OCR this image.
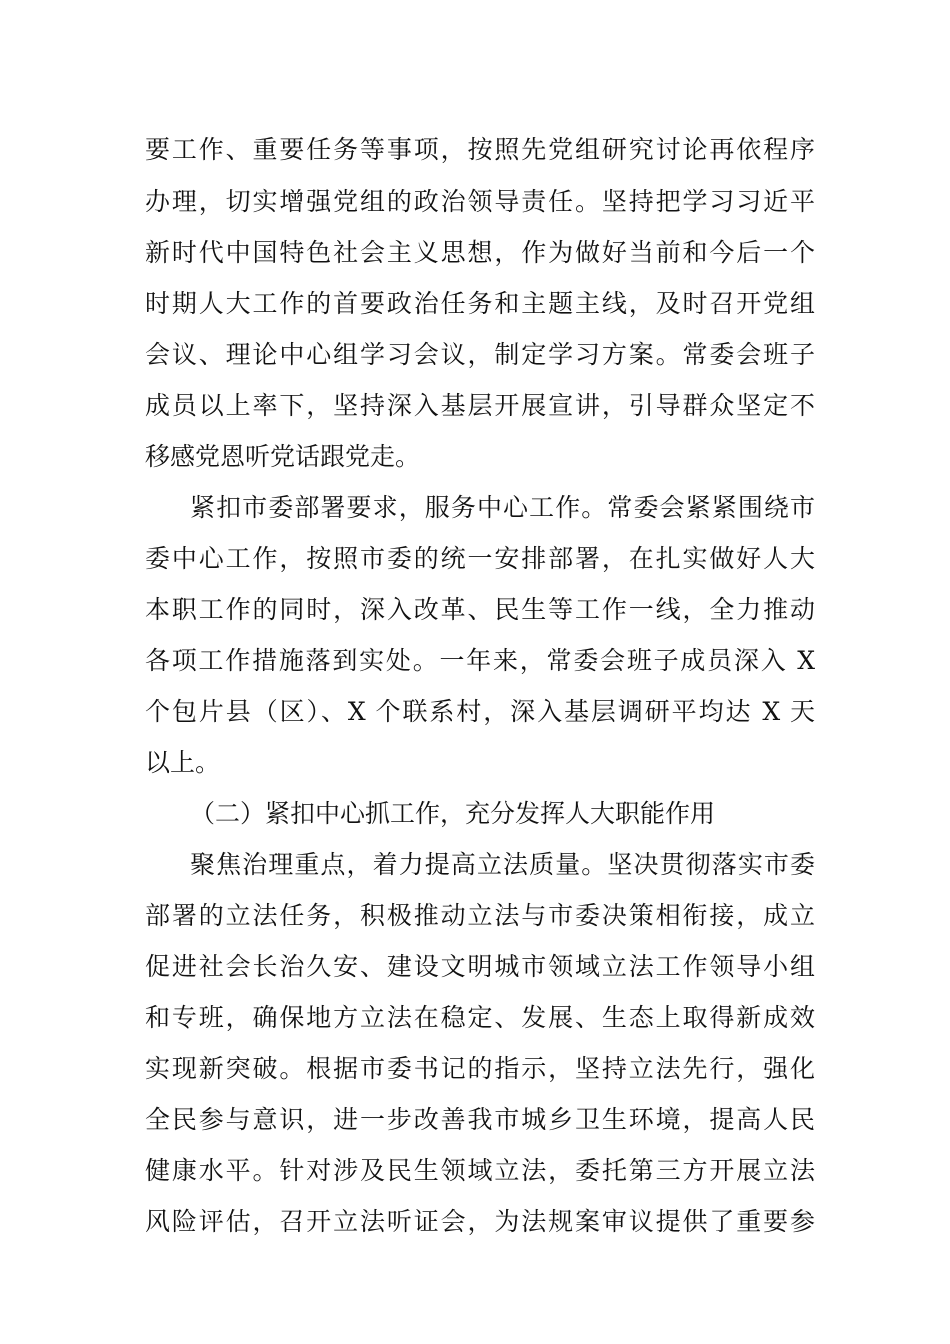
要工作、重要任务等事项，按照先党组研究讨论再依程序
办理，切实增强党组的政治领导责任。坚持把学习习近平
新时代中国特色社会主义思想，作为做好当前和今后一个
时期人大工作的首要政治任务和主题主线，及时召开党组
会议、理论中心组学习会议，制定学习方案。常委会班子
成员以上率下，坚持深入基层开展宣讲，引导群众坚定不
移感党恩听党话跟党走。
紧扣市委部署要求，服务中心工作。常委会紧紧围绕市
委中心工作，按照市委的统一安排部署，在扎实做好人大
本职工作的同时，深入改革、民生等工作一线，全力推动
各项工作措施落到实处。一年来，常委会班子成员深入 X
个包片县（区）、X 个联系村，深入基层调研平均达 X 天
以上。
（二）紧扣中心抓工作，充分发挥人大职能作用
聚焦治理重点，着力提高立法质量。坚决贯彻落实市委
部署的立法任务，积极推动立法与市委决策相衔接，成立
促进社会长治久安、建设文明城市领域立法工作领导小组
和专班，确保地方立法在稳定、发展、生态上取得新成效
实现新突破。根据市委书记的指示，坚持立法先行，强化
全民参与意识，进一步改善我市城乡卫生环境，提高人民
健康水平。针对涉及民生领域立法，委托第三方开展立法
风险评估，召开立法听证会，为法规案审议提供了重要参
